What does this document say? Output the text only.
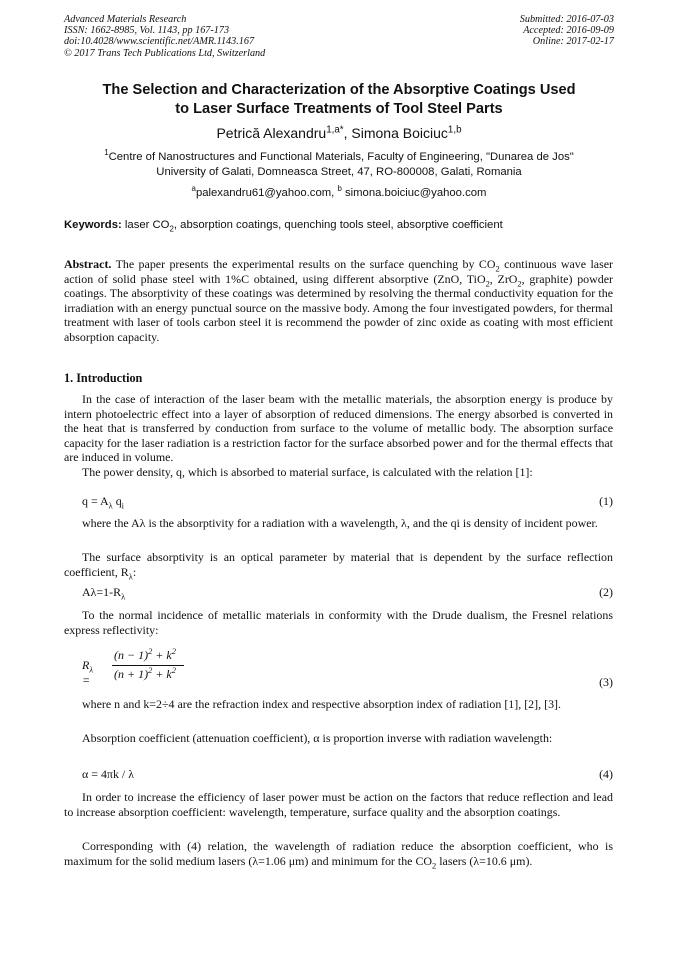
Advanced Materials Research
ISSN: 1662-8985, Vol. 1143, pp 167-173
doi:10.4028/www.scientific.net/AMR.1143.167
© 2017 Trans Tech Publications Ltd, Switzerland
Submitted: 2016-07-03
Accepted: 2016-09-09
Online: 2017-02-17
The Selection and Characterization of the Absorptive Coatings Used
to Laser Surface Treatments of Tool Steel Parts
Petrică Alexandru$^{1,a*}$, Simona Boiciuc$^{1,b}$
$^1$Centre of Nanostructures and Functional Materials, Faculty of Engineering, "Dunarea de Jos"
University of Galati, Domneasca Street, 47, RO-800008, Galati, Romania
$^a$palexandru61@yahoo.com, $^b$ simona.boiciuc@yahoo.com
Keywords: laser $CO_2$, absorption coatings, quenching tools steel, absorptive coefficient
Abstract. The paper presents the experimental results on the surface quenching by $CO_2$ continuous wave laser action of solid phase steel with 1%C obtained, using different absorptive (ZnO, TiO$_2$, ZrO$_2$, graphite) powder coatings. The absorptivity of these coatings was determined by resolving the thermal conductivity equation for the irradiation with an energy punctual source on the massive body. Among the four investigated powders, for thermal treatment with laser of tools carbon steel it is recommend the powder of zinc oxide as coating with most efficient absorption capacity.
1. Introduction
In the case of interaction of the laser beam with the metallic materials, the absorption energy is produce by intern photoelectric effect into a layer of absorption of reduced dimensions. The energy absorbed is converted in the heat that is transferred by conduction from surface to the volume of metallic body. The absorption surface capacity for the laser radiation is a restriction factor for the surface absorbed power and for the thermal effects that are induced in volume.
The power density, q, which is absorbed to material surface, is calculated with the relation [1]:
$q = A_\lambda$ $q_i$	(1)
where the Aλ is the absorptivity for a radiation with a wavelength, λ, and the qi is density of incident power.
The surface absorptivity is an optical parameter by material that is dependent by the surface reflection coefficient, $R_\lambda$:
$A\lambda=1-R_\lambda$	(2)
To the normal incidence of metallic materials in conformity with the Drude dualism, the Fresnel relations express reflectivity:
$R_\lambda$ =
$(n - 1)^2 + k^2$
$(n + 1)^2 + k^2$
(3)
where n and k=2÷4 are the refraction index and respective absorption index of radiation [1], [2], [3].
Absorption coefficient (attenuation coefficient), α is proportion inverse with radiation wavelength:
α = 4πk / λ	(4)
In order to increase the efficiency of laser power must be action on the factors that reduce reflection and lead to increase absorption coefficient: wavelength, temperature, surface quality and the absorption coatings.
Corresponding with (4) relation, the wavelength of radiation reduce the absorption coefficient, who is maximum for the solid medium lasers (λ=1.06 μm) and minimum for the $CO_2$ lasers (λ=10.6 μm).
